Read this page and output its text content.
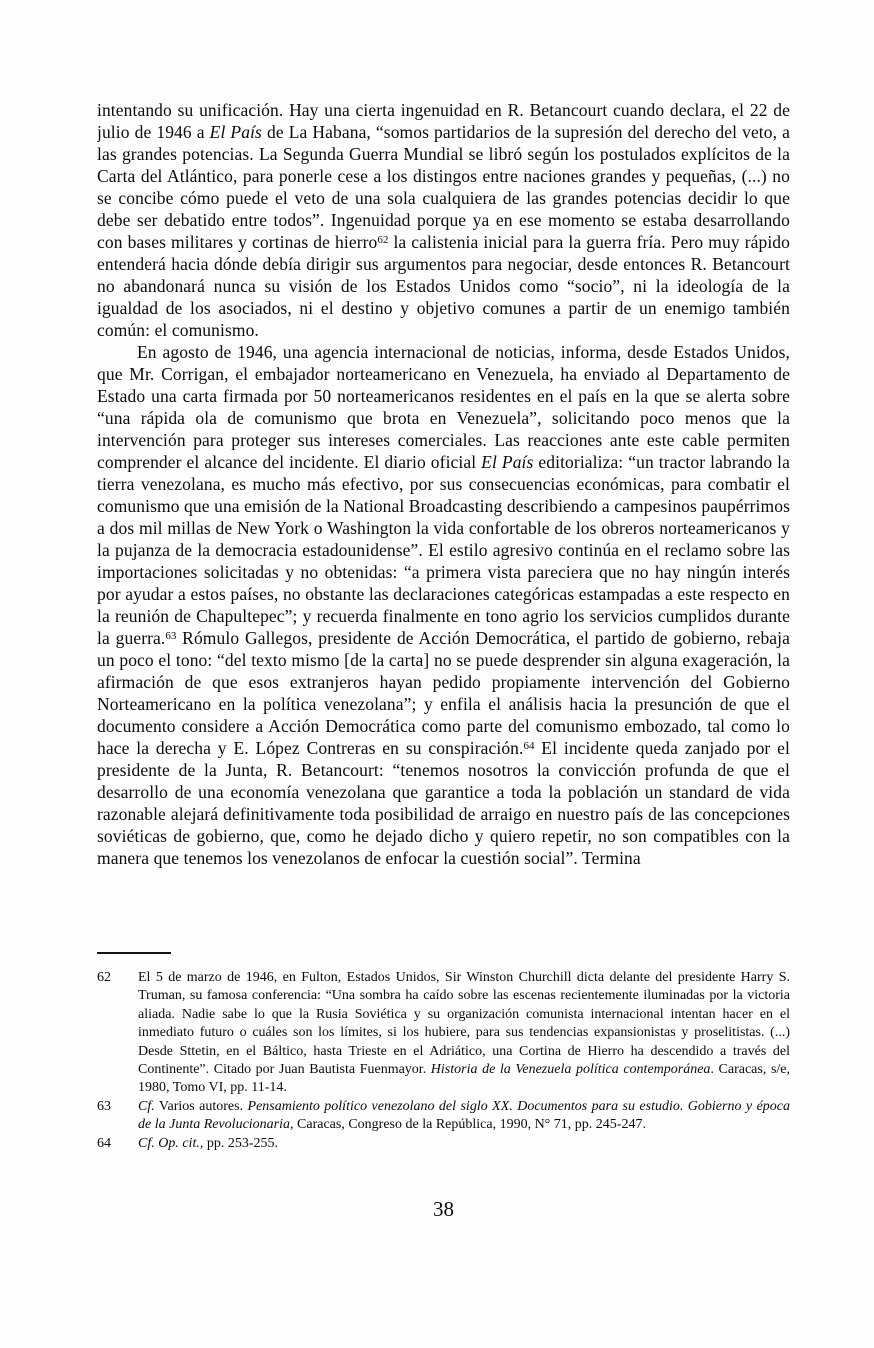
intentando su unificación. Hay una cierta ingenuidad en R. Betancourt cuando declara, el 22 de julio de 1946 a El País de La Habana, “somos partidarios de la supresión del derecho del veto, a las grandes potencias. La Segunda Guerra Mundial se libró según los postulados explícitos de la Carta del Atlántico, para ponerle cese a los distingos entre naciones grandes y pequeñas, (...) no se concibe cómo puede el veto de una sola cualquiera de las grandes potencias decidir lo que debe ser debatido entre todos”. Ingenuidad porque ya en ese momento se estaba desarrollando con bases militares y cortinas de hierro$^{62}$ la calistenia inicial para la guerra fría. Pero muy rápido entenderá hacia dónde debía dirigir sus argumentos para negociar, desde entonces R. Betancourt no abandonará nunca su visión de los Estados Unidos como “socio”, ni la ideología de la igualdad de los asociados, ni el destino y objetivo comunes a partir de un enemigo también común: el comunismo.

En agosto de 1946, una agencia internacional de noticias, informa, desde Estados Unidos, que Mr. Corrigan, el embajador norteamericano en Venezuela, ha enviado al Departamento de Estado una carta firmada por 50 norteamericanos residentes en el país en la que se alerta sobre “una rápida ola de comunismo que brota en Venezuela”, solicitando poco menos que la intervención para proteger sus intereses comerciales. Las reacciones ante este cable permiten comprender el alcance del incidente. El diario oficial El País editorializa: “un tractor labrando la tierra venezolana, es mucho más efectivo, por sus consecuencias económicas, para combatir el comunismo que una emisión de la National Broadcasting describiendo a campesinos paupérrimos a dos mil millas de New York o Washington la vida confortable de los obreros norteamericanos y la pujanza de la democracia estadounidense”. El estilo agresivo continúa en el reclamo sobre las importaciones solicitadas y no obtenidas: “a primera vista pareciera que no hay ningún interés por ayudar a estos países, no obstante las declaraciones categóricas estampadas a este respecto en la reunión de Chapultepec”; y recuerda finalmente en tono agrio los servicios cumplidos durante la guerra.$^{63}$ Rómulo Gallegos, presidente de Acción Democrática, el partido de gobierno, rebaja un poco el tono: “del texto mismo [de la carta] no se puede desprender sin alguna exageración, la afirmación de que esos extranjeros hayan pedido propiamente intervención del Gobierno Norteamericano en la política venezolana”; y enfila el análisis hacia la presunción de que el documento considere a Acción Democrática como parte del comunismo embozado, tal como lo hace la derecha y E. López Contreras en su conspiración.$^{64}$ El incidente queda zanjado por el presidente de la Junta, R. Betancourt: “tenemos nosotros la convicción profunda de que el desarrollo de una economía venezolana que garantice a toda la población un standard de vida razonable alejará definitivamente toda posibilidad de arraigo en nuestro país de las concepciones soviéticas de gobierno, que, como he dejado dicho y quiero repetir, no son compatibles con la manera que tenemos los venezolanos de enfocar la cuestión social”. Termina

62	El 5 de marzo de 1946, en Fulton, Estados Unidos, Sir Winston Churchill dicta delante del presidente Harry S. Truman, su famosa conferencia: “Una sombra ha caído sobre las escenas recientemente iluminadas por la victoria aliada. Nadie sabe lo que la Rusia Soviética y su organización comunista internacional intentan hacer en el inmediato futuro o cuáles son los límites, si los hubiere, para sus tendencias expansionistas y proselitistas. (...) Desde Sttetin, en el Báltico, hasta Trieste en el Adriático, una Cortina de Hierro ha descendido a través del Continente”. Citado por Juan Bautista Fuenmayor. Historia de la Venezuela política contemporánea. Caracas, s/e, 1980, Tomo VI, pp. 11-14.
63	Cf. Varios autores. Pensamiento político venezolano del siglo XX. Documentos para su estudio. Gobierno y época de la Junta Revolucionaria, Caracas, Congreso de la República, 1990, N° 71, pp. 245-247.
64	Cf. Op. cit., pp. 253-255.
38
